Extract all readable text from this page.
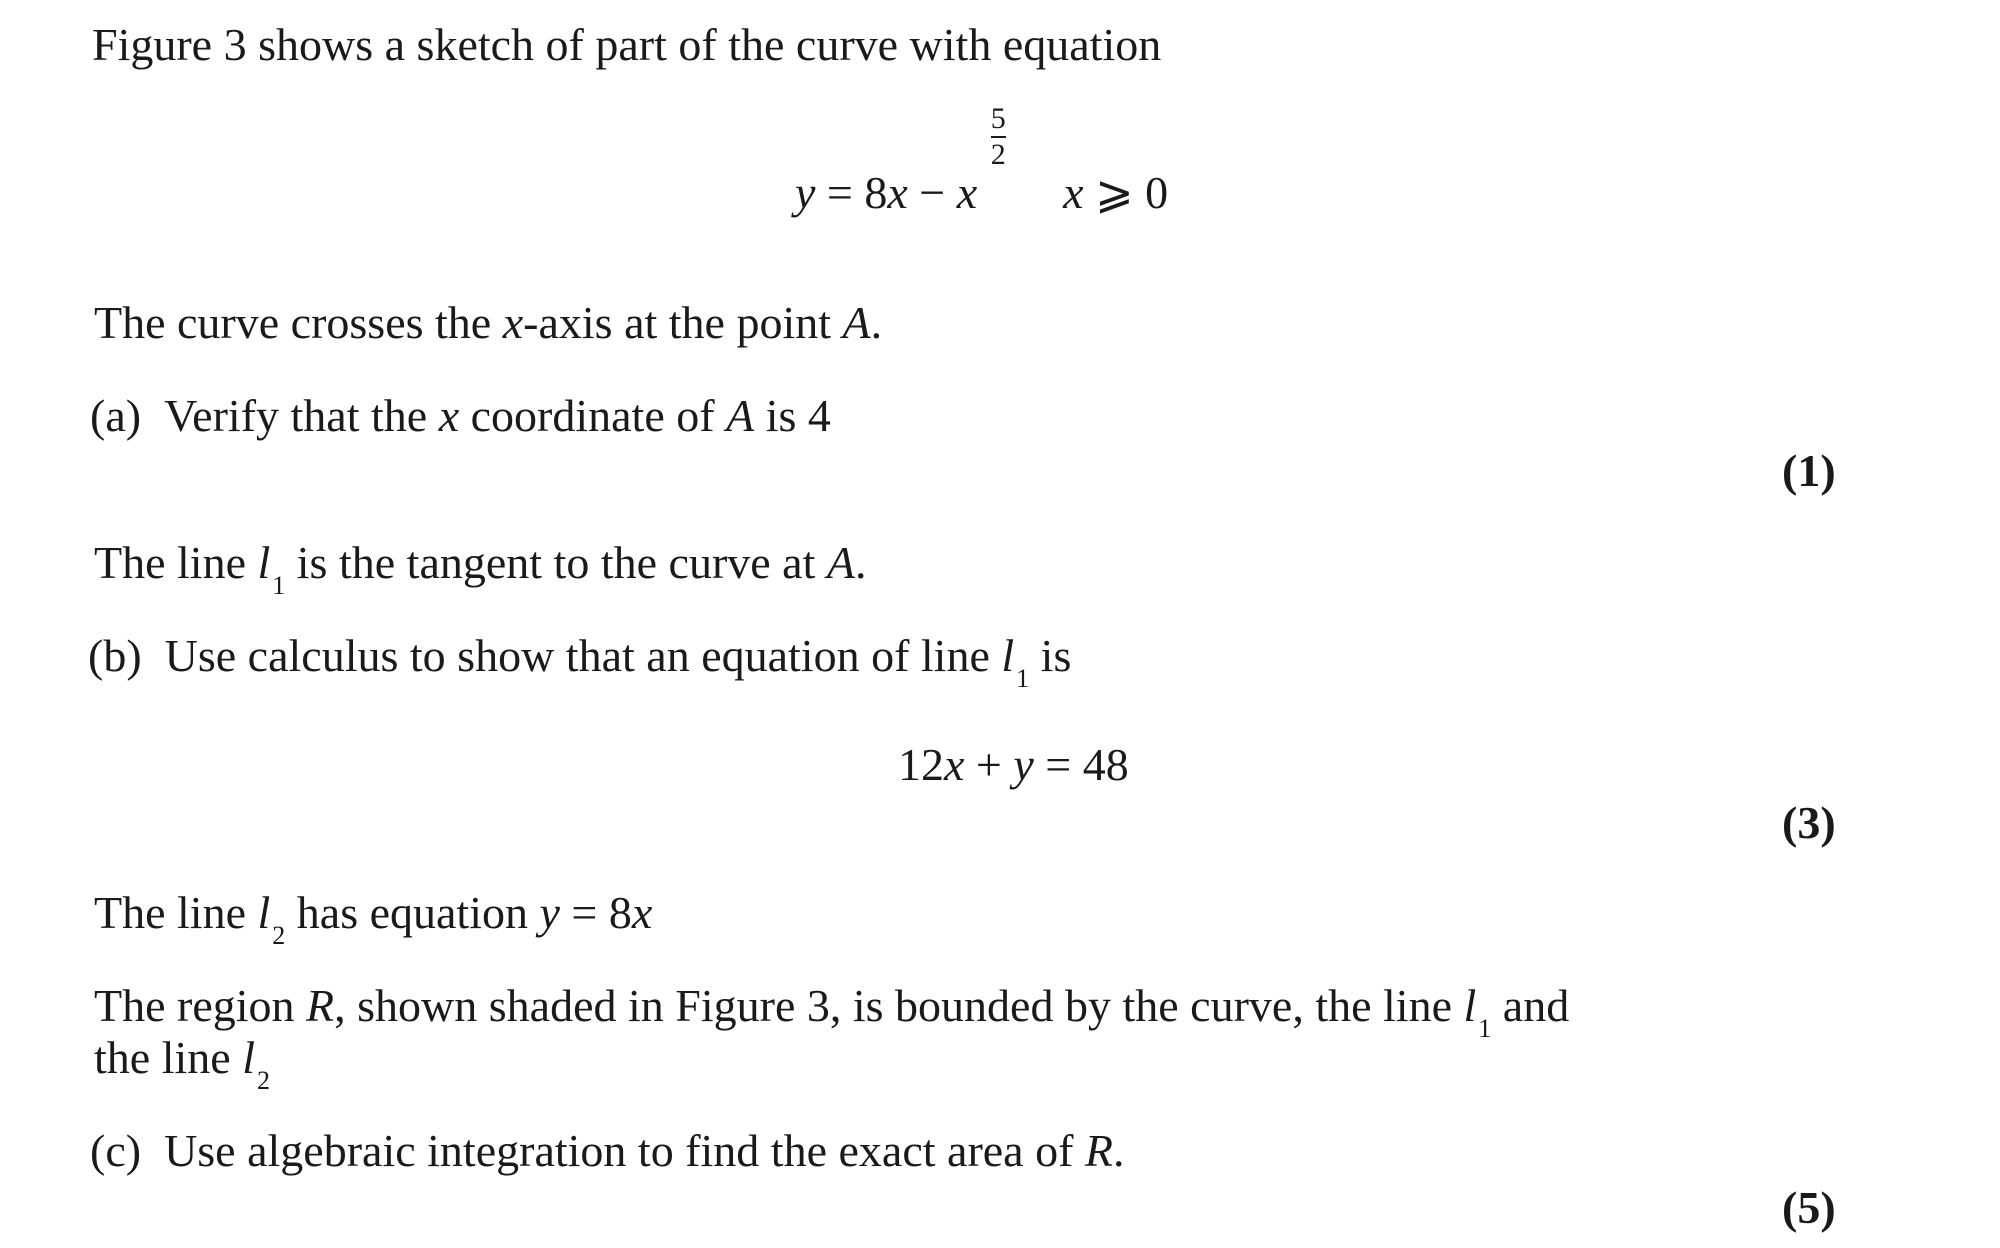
Figure 3 shows a sketch of part of the curve with equation
y = 8x − x
$\frac{5}{2}$
x ⩾ 0
The curve crosses the x-axis at the point A.
(a) Verify that the x coordinate of A is 4
(1)
The line $l_1$ is the tangent to the curve at A.
(b) Use calculus to show that an equation of line $l_1$ is
12x + y = 48
(3)
The line $l_2$ has equation y = 8x
The region R, shown shaded in Figure 3, is bounded by the curve, the line $l_1$ and
the line $l_2$
(c) Use algebraic integration to find the exact area of R.
(5)
